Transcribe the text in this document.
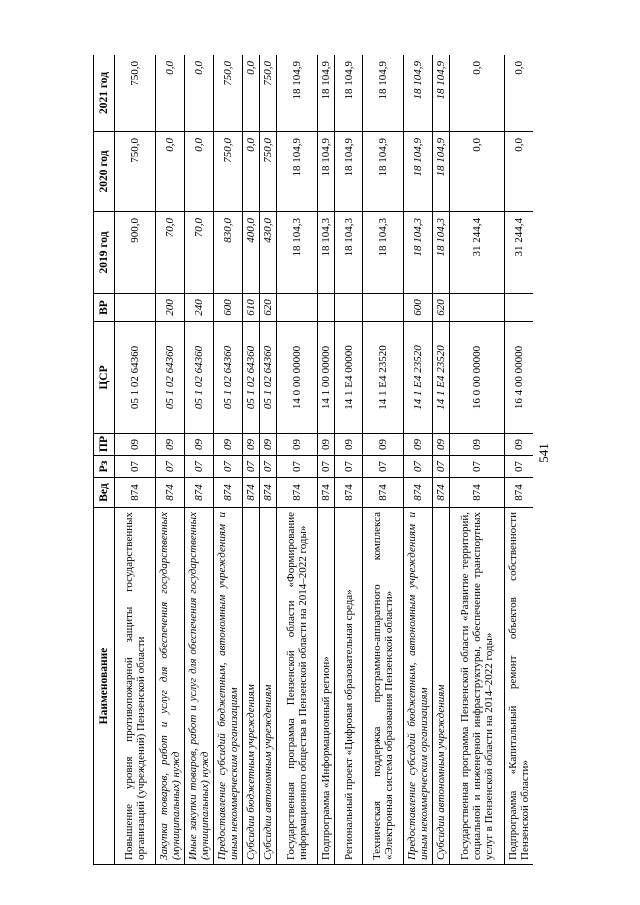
541
Наименование	Вед	Рз	ПР	ЦСР	ВР	2019 год	2020 год	2021 год
Повышение уровня противопожарной защиты государственных организаций (учреждений) Пензенской области	874	07	09	05 1 02 64360		900,0	750,0	750,0
Закупка товаров, работ и услуг для обеспечения государственных (муниципальных) нужд	874	07	09	05 1 02 64360	200	70,0	0,0	0,0
Иные закупки товаров, работ и услуг для обеспечения государственных (муниципальных) нужд	874	07	09	05 1 02 64360	240	70,0	0,0	0,0
Предоставление субсидий бюджетным, автономным учреждениям и иным некоммерческим организациям	874	07	09	05 1 02 64360	600	830,0	750,0	750,0
Субсидии бюджетным учреждениям	874	07	09	05 1 02 64360	610	400,0	0,0	0,0
Субсидии автономным учреждениям	874	07	09	05 1 02 64360	620	430,0	750,0	750,0
Государственная программа Пензенской области «Формирование информационного общества в Пензенской области на 2014–2022 годы»	874	07	09	14 0 00 00000		18 104,3	18 104,9	18 104,9
Подпрограмма «Информационный регион»	874	07	09	14 1 00 00000		18 104,3	18 104,9	18 104,9
Региональный проект «Цифровая образовательная среда»	874	07	09	14 1 E4 00000		18 104,3	18 104,9	18 104,9
Техническая поддержка программно-аппаратного комплекса «Электронная система образования Пензенской области»	874	07	09	14 1 E4 23520		18 104,3	18 104,9	18 104,9
Предоставление субсидий бюджетным, автономным учреждениям и иным некоммерческим организациям	874	07	09	14 1 E4 23520	600	18 104,3	18 104,9	18 104,9
Субсидии автономным учреждениям	874	07	09	14 1 E4 23520	620	18 104,3	18 104,9	18 104,9
Государственная программа Пензенской области «Развитие территорий, социальной и инженерной инфраструктуры, обеспечение транспортных услуг в Пензенской области на 2014–2022 годы»	874	07	09	16 0 00 00000		31 244,4	0,0	0,0
Подпрограмма «Капитальный ремонт объектов собственности Пензенской области»	874	07	09	16 4 00 00000		31 244,4	0,0	0,0
